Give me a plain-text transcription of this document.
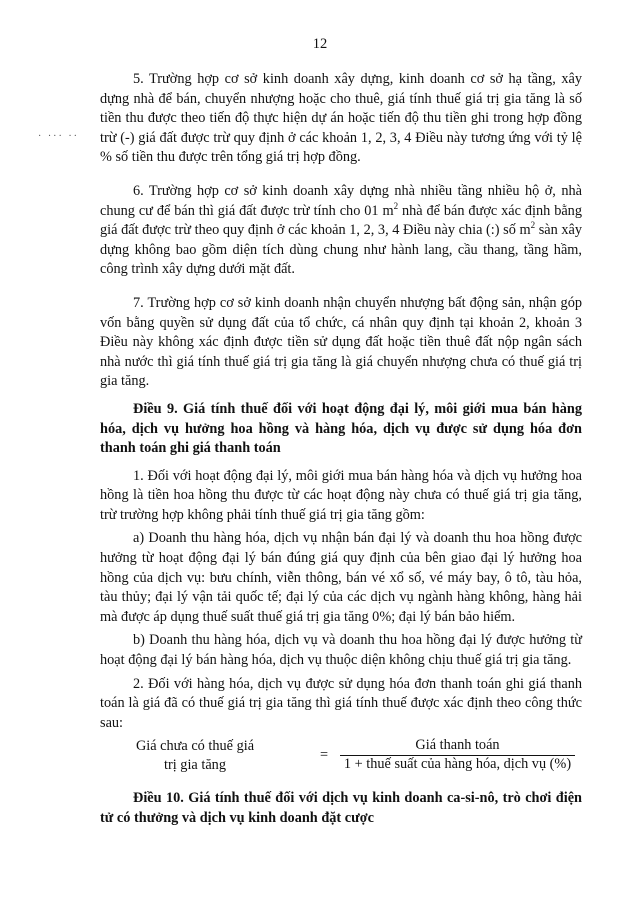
12
· ··· ··

5. Trường hợp cơ sở kinh doanh xây dựng, kinh doanh cơ sở hạ tầng, xây dựng nhà để bán, chuyển nhượng hoặc cho thuê, giá tính thuế giá trị gia tăng là số tiền thu được theo tiến độ thực hiện dự án hoặc tiến độ thu tiền ghi trong hợp đồng trừ (-) giá đất được trừ quy định ở các khoản 1, 2, 3, 4 Điều này tương ứng với tỷ lệ % số tiền thu được trên tổng giá trị hợp đồng.

6. Trường hợp cơ sở kinh doanh xây dựng nhà nhiều tầng nhiều hộ ở, nhà chung cư để bán thì giá đất được trừ tính cho 01 $m^2$ nhà để bán được xác định bằng giá đất được trừ theo quy định ở các khoản 1, 2, 3, 4 Điều này chia (:) số $m^2$ sàn xây dựng không bao gồm diện tích dùng chung như hành lang, cầu thang, tầng hầm, công trình xây dựng dưới mặt đất.

7. Trường hợp cơ sở kinh doanh nhận chuyển nhượng bất động sản, nhận góp vốn bằng quyền sử dụng đất của tổ chức, cá nhân quy định tại khoản 2, khoản 3 Điều này không xác định được tiền sử dụng đất hoặc tiền thuê đất nộp ngân sách nhà nước thì giá tính thuế giá trị gia tăng là giá chuyển nhượng chưa có thuế giá trị gia tăng.

Điều 9. Giá tính thuế đối với hoạt động đại lý, môi giới mua bán hàng hóa, dịch vụ hưởng hoa hồng và hàng hóa, dịch vụ được sử dụng hóa đơn thanh toán ghi giá thanh toán

1. Đối với hoạt động đại lý, môi giới mua bán hàng hóa và dịch vụ hưởng hoa hồng là tiền hoa hồng thu được từ các hoạt động này chưa có thuế giá trị gia tăng, trừ trường hợp không phải tính thuế giá trị gia tăng gồm:

a) Doanh thu hàng hóa, dịch vụ nhận bán đại lý và doanh thu hoa hồng được hưởng từ hoạt động đại lý bán đúng giá quy định của bên giao đại lý hưởng hoa hồng của dịch vụ: bưu chính, viễn thông, bán vé xổ số, vé máy bay, ô tô, tàu hỏa, tàu thủy; đại lý vận tải quốc tế; đại lý của các dịch vụ ngành hàng không, hàng hải mà được áp dụng thuế suất thuế giá trị gia tăng 0%; đại lý bán bảo hiểm.

b) Doanh thu hàng hóa, dịch vụ và doanh thu hoa hồng đại lý được hưởng từ hoạt động đại lý bán hàng hóa, dịch vụ thuộc diện không chịu thuế giá trị gia tăng.

2. Đối với hàng hóa, dịch vụ được sử dụng hóa đơn thanh toán ghi giá thanh toán là giá đã có thuế giá trị gia tăng thì giá tính thuế được xác định theo công thức sau:

Giá chưa có thuế giá trị gia tăng
=
Giá thanh toán
1 + thuế suất của hàng hóa, dịch vụ (%)

Điều 10. Giá tính thuế đối với dịch vụ kinh doanh ca-si-nô, trò chơi điện tử có thưởng và dịch vụ kinh doanh đặt cược
